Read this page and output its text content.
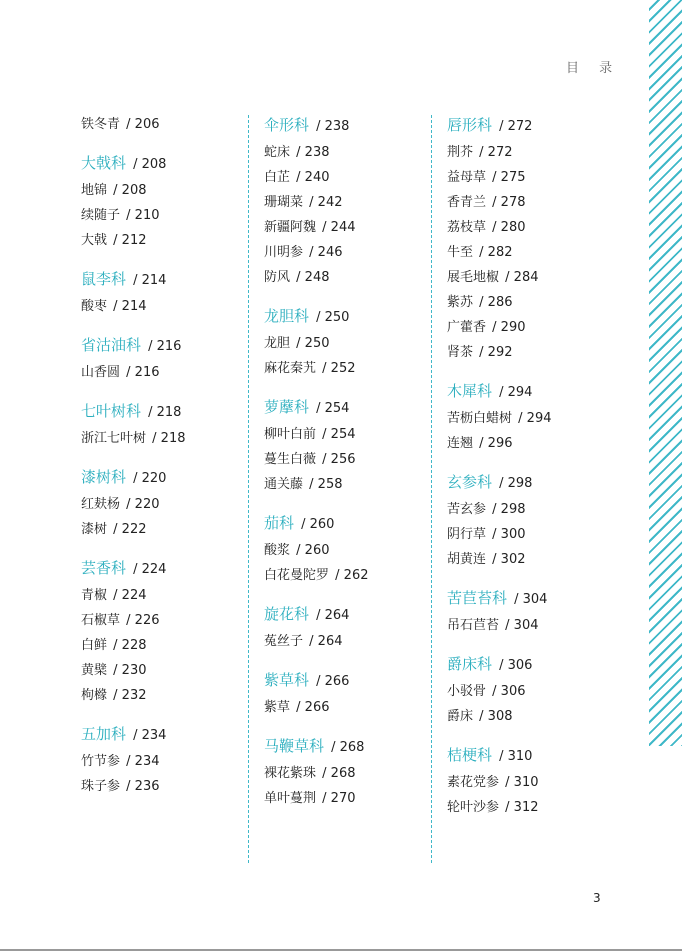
目 录
铁冬青 / 206
大戟科 / 208
地锦 / 208
续随子 / 210
大戟 / 212
鼠李科 / 214
酸枣 / 214
省沽油科 / 216
山香圆 / 216
七叶树科 / 218
浙江七叶树 / 218
漆树科 / 220
红麸杨 / 220
漆树 / 222
芸香科 / 224
青椒 / 224
石椒草 / 226
白鲜 / 228
黄檗 / 230
枸橼 / 232
五加科 / 234
竹节参 / 234
珠子参 / 236
伞形科 / 238
蛇床 / 238
白芷 / 240
珊瑚菜 / 242
新疆阿魏 / 244
川明参 / 246
防风 / 248
龙胆科 / 250
龙胆 / 250
麻花秦艽 / 252
萝藦科 / 254
柳叶白前 / 254
蔓生白薇 / 256
通关藤 / 258
茄科 / 260
酸浆 / 260
白花曼陀罗 / 262
旋花科 / 264
菟丝子 / 264
紫草科 / 266
紫草 / 266
马鞭草科 / 268
裸花紫珠 / 268
单叶蔓荆 / 270
唇形科 / 272
荆芥 / 272
益母草 / 275
香青兰 / 278
荔枝草 / 280
牛至 / 282
展毛地椒 / 284
紫苏 / 286
广藿香 / 290
肾茶 / 292
木犀科 / 294
苦枥白蜡树 / 294
连翘 / 296
玄参科 / 298
苦玄参 / 298
阴行草 / 300
胡黄连 / 302
苦苣苔科 / 304
吊石苣苔 / 304
爵床科 / 306
小驳骨 / 306
爵床 / 308
桔梗科 / 310
素花党参 / 310
轮叶沙参 / 312
3
